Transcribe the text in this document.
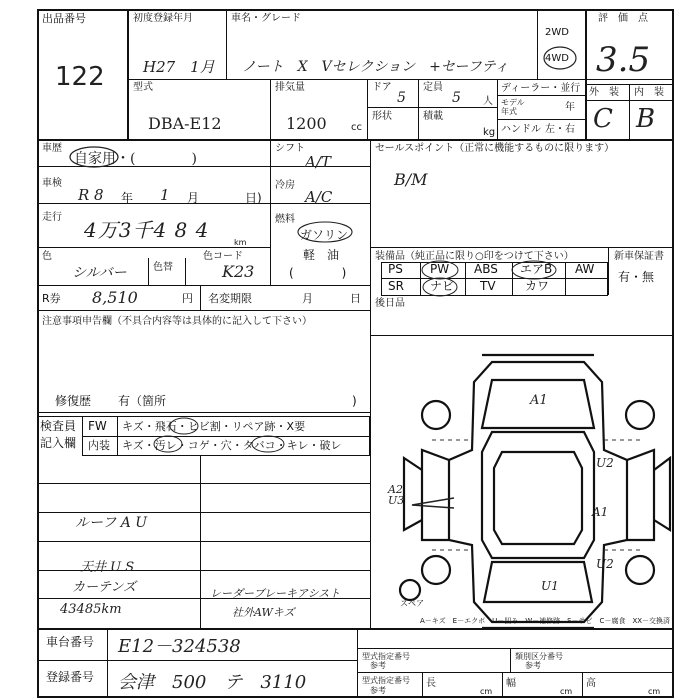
出品番号
122
初度登録年月
H27　1月
車名・グレード
ノート　X　Vセレクション　+セーフティ
2WD
4WD
評　価　点
3.5
外　装 内　装
C B
型式
DBA-E12
排気量
1200 cc
ドア
5
定員
5 人
形状	積載
kg
ディーラー・並行
モデル年式	年
ハンドル 左・右
車歴
自家用・(　　　　)
シフト
A/T
車検
R 8 年 1 月	日)
冷房
A/C
走行
4万3千4 8 4
km
燃料
ガソリン
軽　油
(　　　　)
色
シルバー	色替
色コード
K23
R券 8,510	円 名変期限	月	日
セールスポイント（正常に機能するものに限ります）
B/M
装備品（純正品に限り○印をつけて下さい）	新車保証書
有・無
PS PW ABS エアB AW
SR ナビ TV カワ
後日品
注意事項申告欄（不具合内容等は具体的に記入して下さい）
修復歴 有（箇所	)
検査員
記入欄
FW キズ・飛石・ヒビ割・リペア跡・X要
内装 キズ・汚レ・コゲ・穴・タバコ・キレ・破レ
ルーフ A U
天井 U S
カーテンズ
43485km
レーダーブレーキアシスト
社外AWキズ
A1
U2
A1
A2 U3
U2
U1
スペア
A－キズ　E－エクボ　U－凹み　W－補修跡　S－サビ　C－腐食　XX－交換済
車台番号 E12－324538
登録番号 会津　500　テ　3110
型式指定番号
参考
類別区分番号
参考
型式指定番号
参考
長
cm
幅
cm
高
cm
